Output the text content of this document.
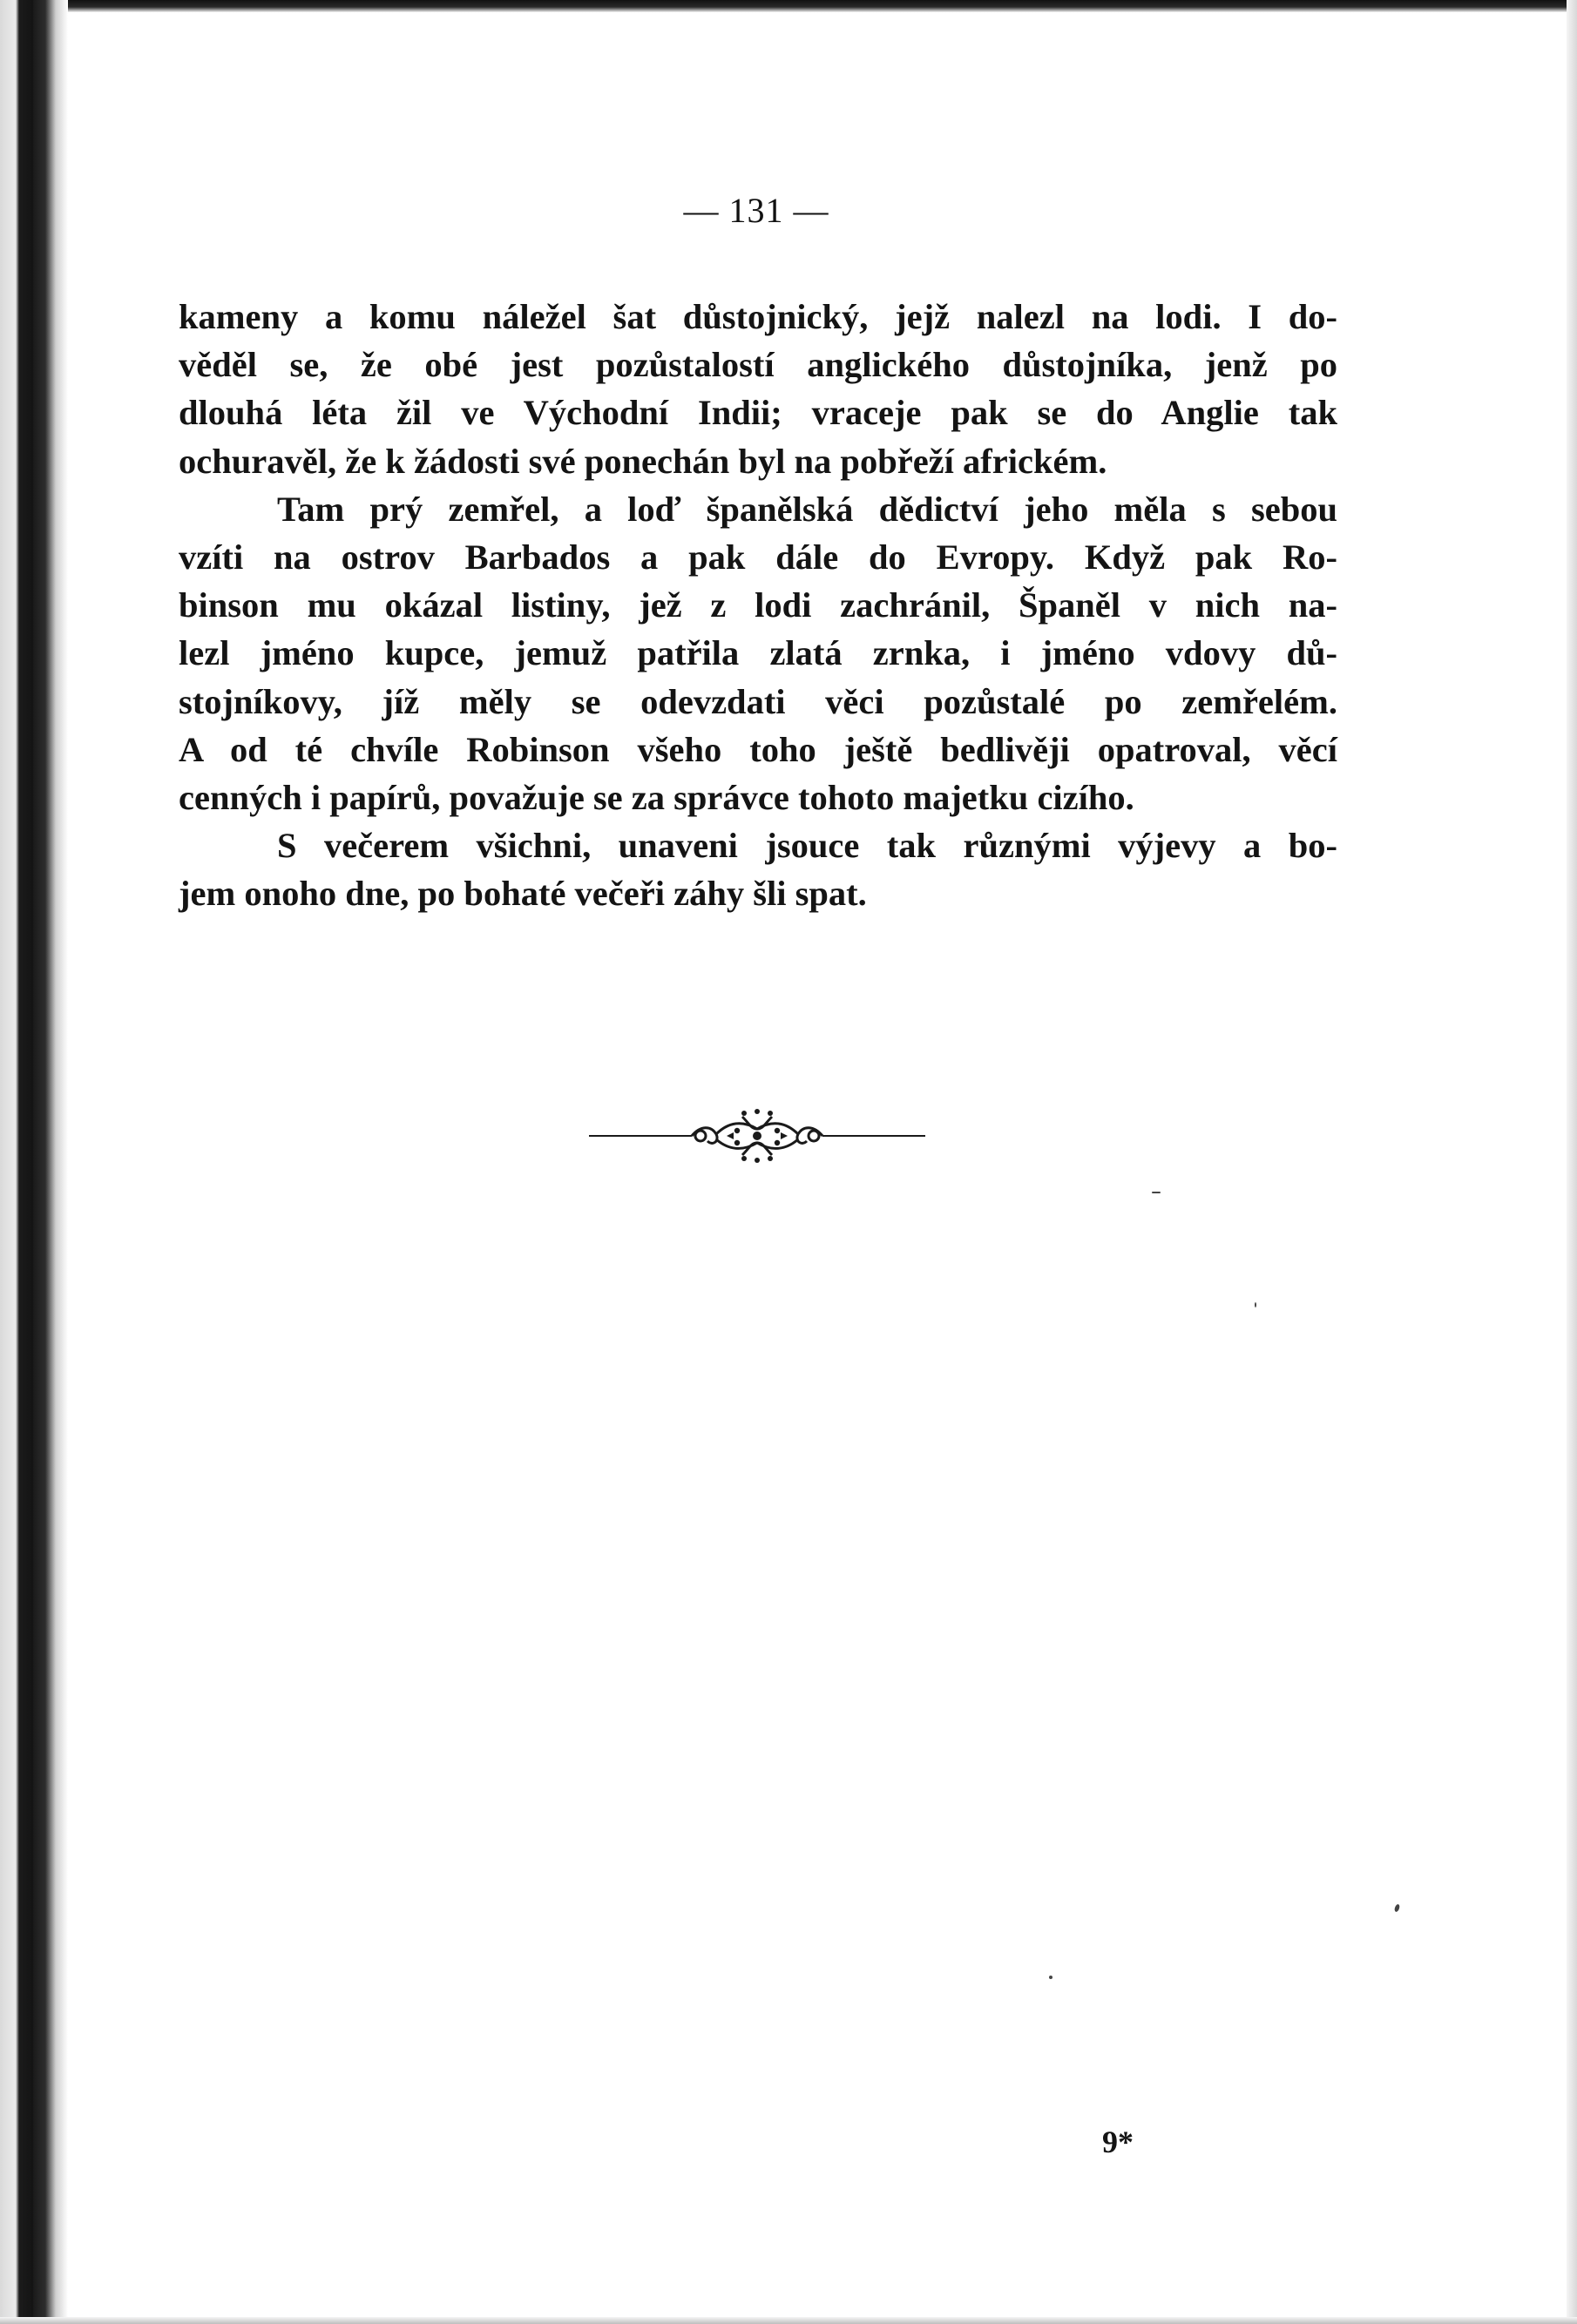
— 131 —
kameny a komu náležel šat důstojnický, jejž nalezl na lodi. I do-
věděl se, že obé jest pozůstalostí anglického důstojníka, jenž po
dlouhá léta žil ve Východní Indii; vraceje pak se do Anglie tak
ochuravěl, že k žádosti své ponechán byl na pobřeží africkém.
Tam prý zemřel, a loď španělská dědictví jeho měla s sebou
vzíti na ostrov Barbados a pak dále do Evropy. Když pak Ro-
binson mu okázal listiny, jež z lodi zachránil, Španěl v nich na-
lezl jméno kupce, jemuž patřila zlatá zrnka, i jméno vdovy dů-
stojníkovy, jíž měly se odevzdati věci pozůstalé po zemřelém.
A od té chvíle Robinson všeho toho ještě bedlivěji opatroval, věcí
cenných i papírů, považuje se za správce tohoto majetku cizího.
S večerem všichni, unaveni jsouce tak různými výjevy a bo-
jem onoho dne, po bohaté večeři záhy šli spat.
9*
